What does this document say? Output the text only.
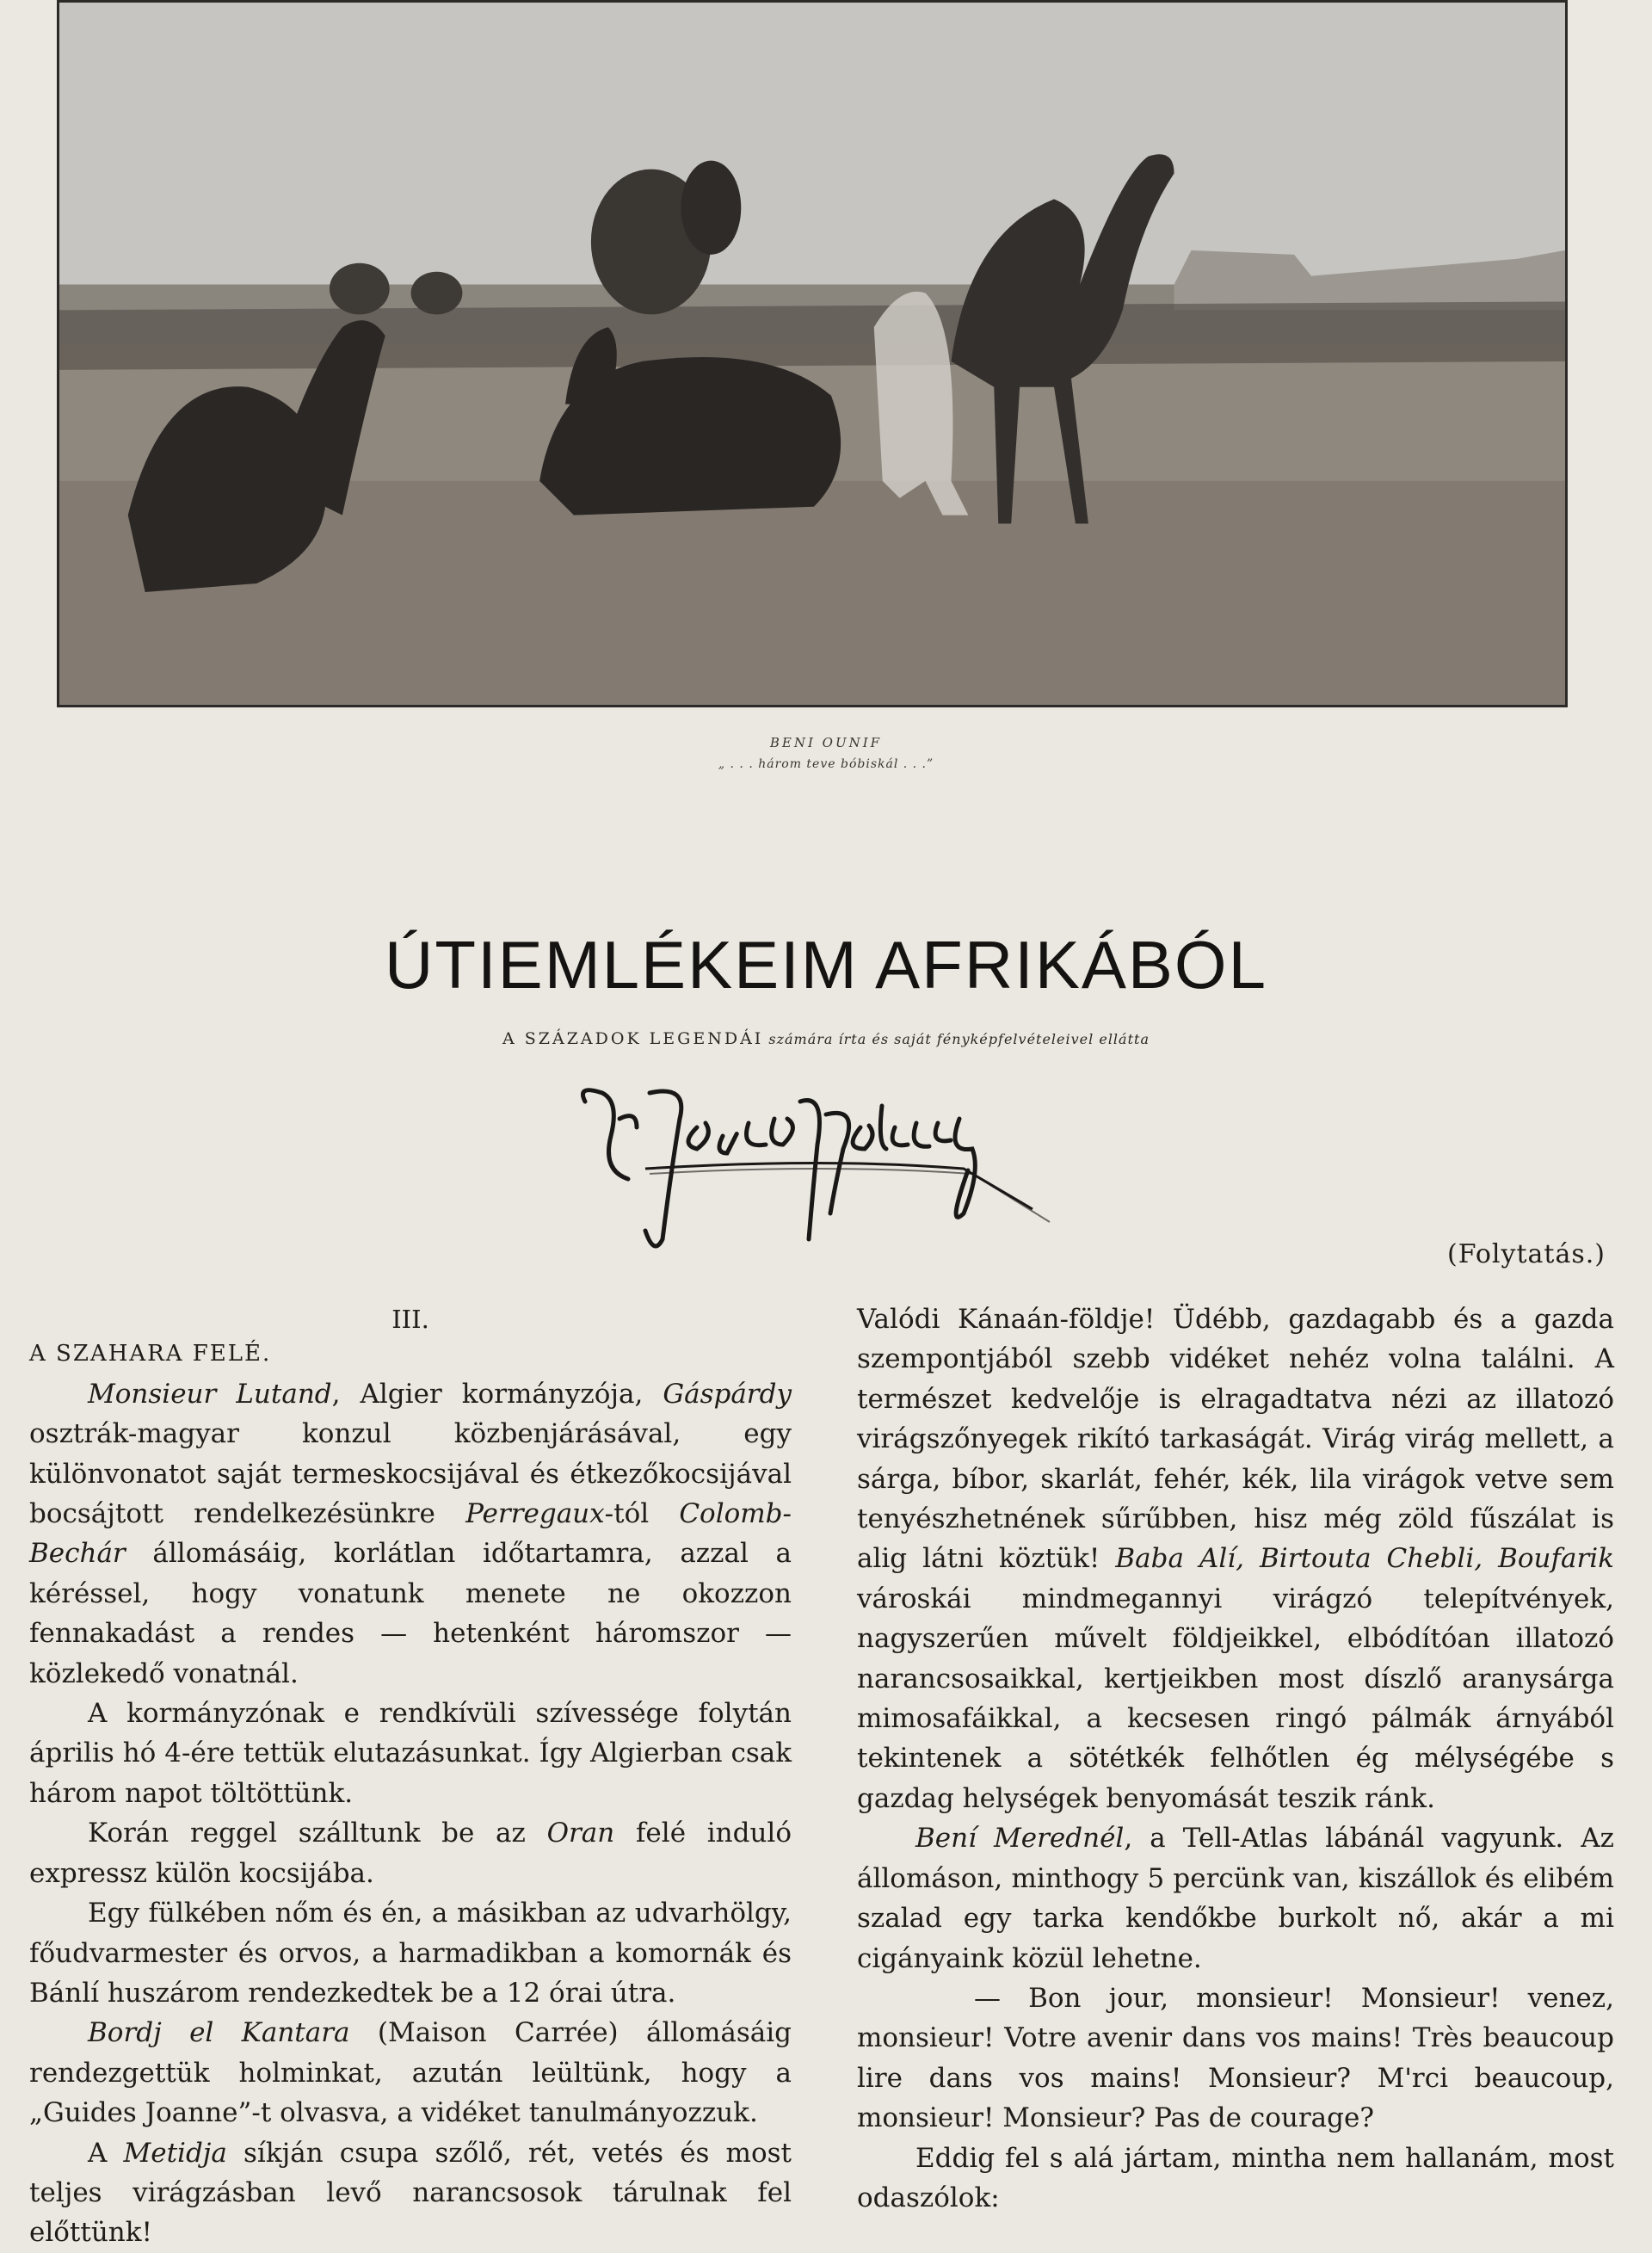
BENI OUNIF
„ . . . három teve bóbiskál . . .”
ÚTIEMLÉKEIM AFRIKÁBÓL
A SZÁZADOK LEGENDÁI számára írta és saját fényképfelvételeivel ellátta
(Folytatás.)

III.

A SZAHARA FELÉ.

Monsieur Lutand, Algier kormányzója, Gáspárdy osztrák-magyar konzul közbenjárásával, egy különvonatot saját termeskocsijával és étkezőkocsijával bocsájtott rendelkezésünkre Perregaux-tól Colomb-Bechár állomásáig, korlátlan időtartamra, azzal a kéréssel, hogy vonatunk menete ne okozzon fennakadást a rendes — hetenként háromszor — közlekedő vonatnál.

A kormányzónak e rendkívüli szívessége folytán április hó 4-ére tettük elutazásunkat. Így Algierban csak három napot töltöttünk.

Korán reggel szálltunk be az Oran felé induló expressz külön kocsijába.

Egy fülkében nőm és én, a másikban az udvarhölgy, főudvarmester és orvos, a harmadikban a komornák és Bánlí huszárom rendezkedtek be a 12 órai útra.

Bordj el Kantara (Maison Carrée) állomásáig rendezgettük holminkat, azután leültünk, hogy a „Guides Joanne”-t olvasva, a vidéket tanulmányozzuk.

A Metidja síkján csupa szőlő, rét, vetés és most teljes virágzásban levő narancsosok tárulnak fel előttünk!

Valódi Kánaán-földje! Üdébb, gazdagabb és a gazda szempontjából szebb vidéket nehéz volna találni. A természet kedvelője is elragadtatva nézi az illatozó virágszőnyegek rikító tarkaságát. Virág virág mellett, a sárga, bíbor, skarlát, fehér, kék, lila virágok vetve sem tenyészhetnének sűrűbben, hisz még zöld fűszálat is alig látni köztük! Baba Alí, Birtouta Chebli, Boufarik városkái mindmegannyi virágzó telepítvények, nagyszerűen művelt földjeikkel, elbódítóan illatozó narancsosaikkal, kertjeikben most díszlő aranysárga mimosafáikkal, a kecsesen ringó pálmák árnyából tekintenek a sötétkék felhőtlen ég mélységébe s gazdag helységek benyomását teszik ránk.

Bení Merednél, a Tell-Atlas lábánál vagyunk. Az állomáson, minthogy 5 percünk van, kiszállok és elibém szalad egy tarka kendőkbe burkolt nő, akár a mi cigányaink közül lehetne.

— Bon jour, monsieur! Monsieur! venez, monsieur! Votre avenir dans vos mains! Très beaucoup lire dans vos mains! Monsieur? M'rci beaucoup, monsieur! Monsieur? Pas de courage?

Eddig fel s alá jártam, mintha nem hallanám, most odaszólok:
